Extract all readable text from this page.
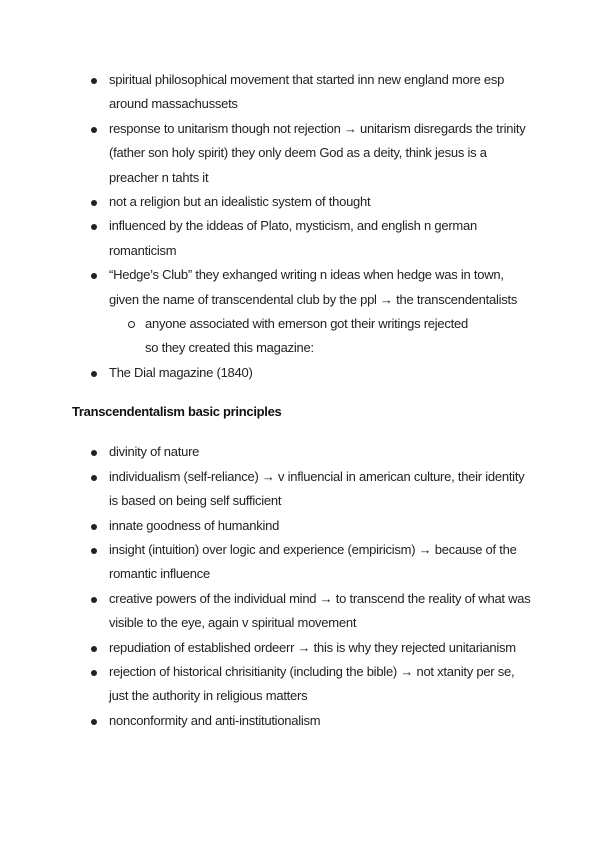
spiritual philosophical movement that started inn new england more esp around massachussets
response to unitarism though not rejection → unitarism disregards the trinity (father son holy spirit) they only deem God as a deity, think jesus is a preacher n tahts it
not a religion but an idealistic system of thought
influenced by the iddeas of Plato, mysticism, and english n german romanticism
“Hedge’s Club” they exhanged writing n ideas when hedge was in town, given the name of transcendental club by the ppl → the transcendentalists
anyone associated with emerson got their writings rejected so they created this magazine:
The Dial magazine (1840)
Transcendentalism basic principles
divinity of nature
individualism (self-reliance) → v influencial in american culture, their identity is based on being self sufficient
innate goodness of humankind
insight (intuition) over logic and experience (empiricism) → because of the romantic influence
creative powers of the individual mind → to transcend the reality of what was visible to the eye, again v spiritual movement
repudiation of established ordeerr → this is why they rejected unitarianism
rejection of historical chrisitianity (including the bible) → not xtanity per se, just the authority in religious matters
nonconformity and anti-institutionalism
